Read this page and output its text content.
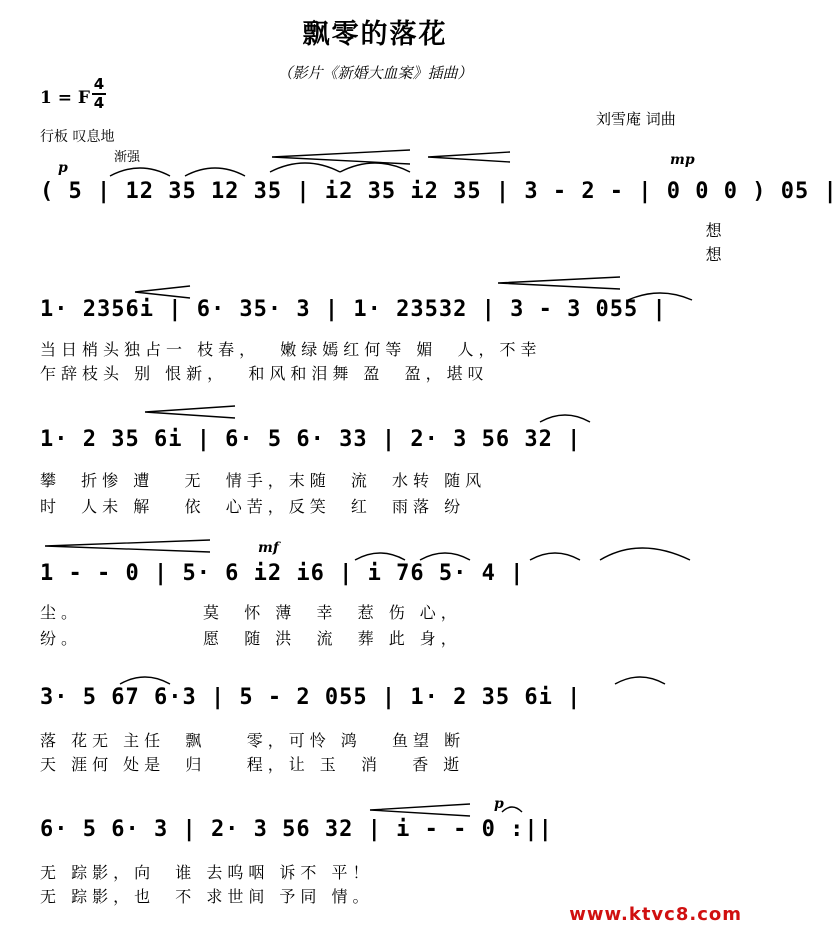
飘零的落花
（影片《新婚大血案》插曲）
1 = F $\frac{4}{4}$
刘雪庵 词曲
行板 叹息地
渐强
p	mp
mf
p
( 5 | 12 35 12 35 | i2 35 i2 35 | 3 - 2 - | 0 0 0 ) 05 |
想
想
1· 2356i | 6· 35· 3 | 1· 23532 | 3 - 3 055 |
当日梢头独占一 枝春，  嫩绿嫣红何等 媚  人，不幸
乍辞枝头 别 恨新，  和风和泪舞 盈  盈，堪叹
1· 2 35 6i | 6· 5 6· 33 | 2· 3 56 32 |
攀  折惨 遭   无  情手，末随  流  水转 随风
时  人未 解   依  心苦，反笑  红  雨落 纷
1 - - 0 | 5· 6 i2 i6 | i 76 5· 4 |
尘。            莫  怀 薄  幸  惹 伤 心，
纷。            愿  随 洪  流  葬 此 身，
3· 5 67 6·3 | 5 - 2 055 | 1· 2 35 6i |
落 花无 主任  飘    零，可怜 鸿   鱼望 断
天 涯何 处是  归    程，让 玉  消   香 逝
6· 5 6· 3 | 2· 3 56 32 | i - - 0 :||
无 踪影，向  谁 去呜咽 诉不 平！
无 踪影，也  不 求世间 予同 情。
www.ktvc8.com
